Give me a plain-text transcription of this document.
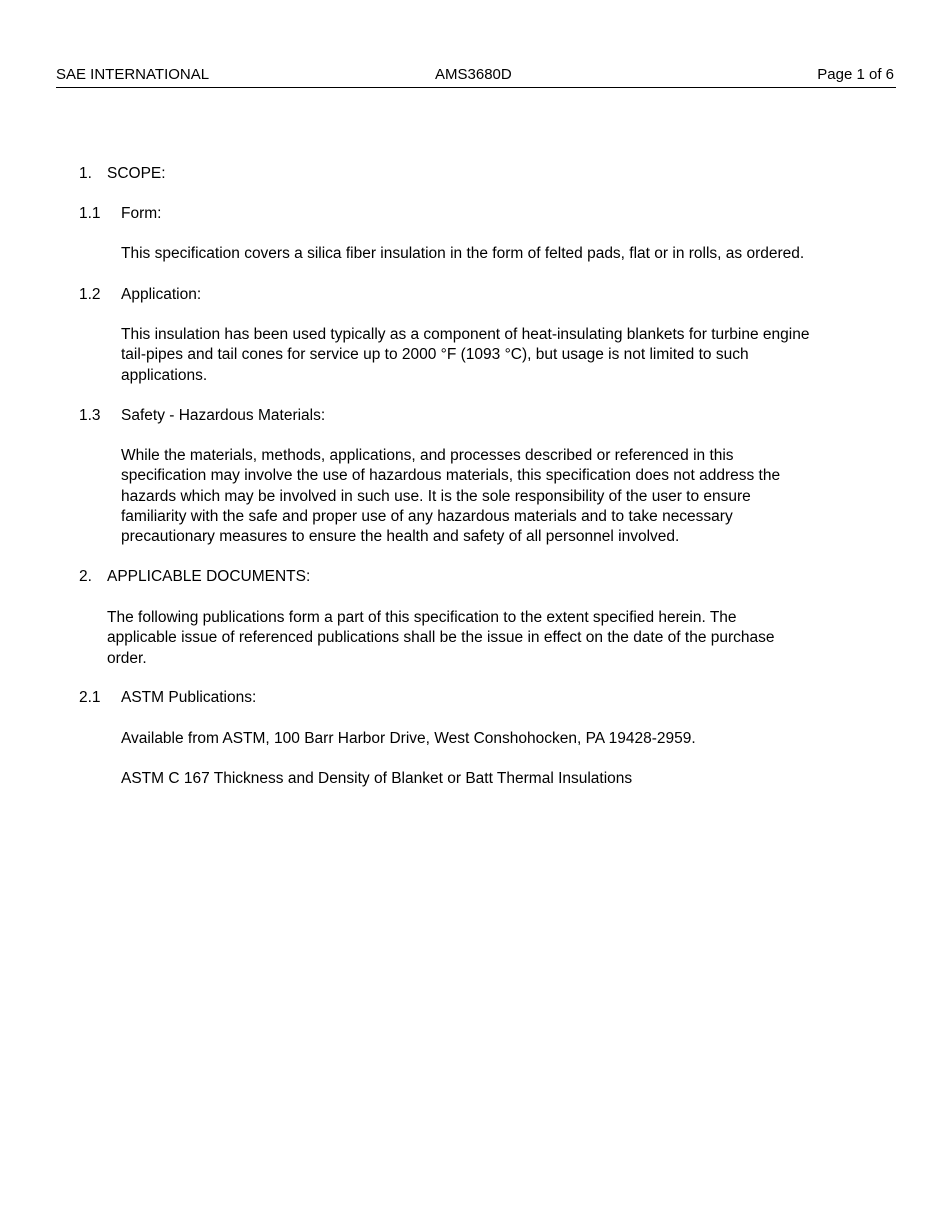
SAE INTERNATIONAL	AMS3680D	Page 1 of 6
1. SCOPE:
1.1 Form:
This specification covers a silica fiber insulation in the form of felted pads, flat or in rolls, as ordered.
1.2 Application:
This insulation has been used typically as a component of heat-insulating blankets for turbine engine
tail-pipes and tail cones for service up to 2000 °F (1093 °C), but usage is not limited to such
applications.
1.3 Safety - Hazardous Materials:
While the materials, methods, applications, and processes described or referenced in this
specification may involve the use of hazardous materials, this specification does not address the
hazards which may be involved in such use. It is the sole responsibility of the user to ensure
familiarity with the safe and proper use of any hazardous materials and to take necessary
precautionary measures to ensure the health and safety of all personnel involved.
2. APPLICABLE DOCUMENTS:
The following publications form a part of this specification to the extent specified herein. The
applicable issue of referenced publications shall be the issue in effect on the date of the purchase
order.
2.1 ASTM Publications:
Available from ASTM, 100 Barr Harbor Drive, West Conshohocken, PA 19428-2959.
ASTM C 167 Thickness and Density of Blanket or Batt Thermal Insulations
